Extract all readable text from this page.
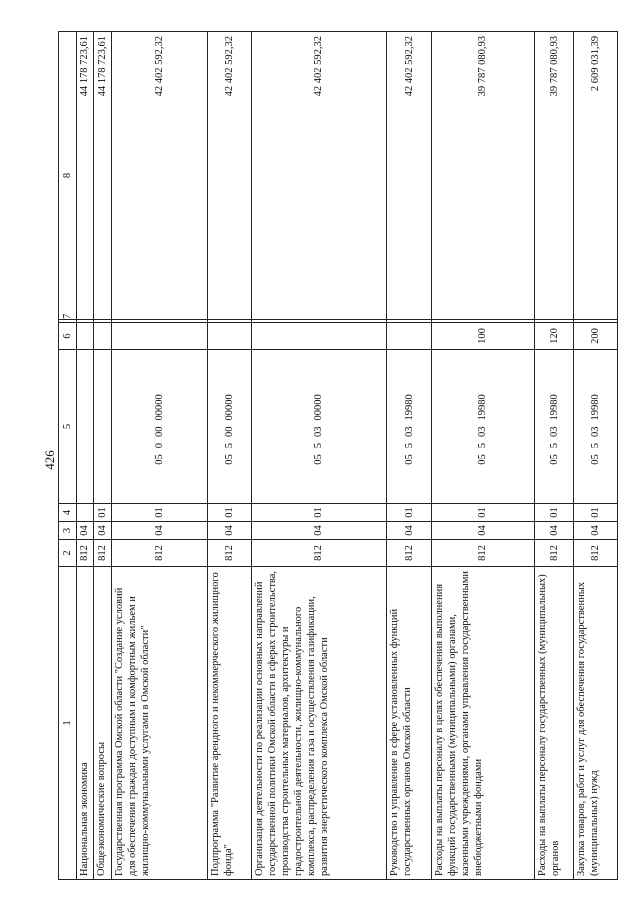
426
1	2	3	4	5	6	7	8
Национальная экономика	812	04					44 178 723,61
Общеэкономические вопросы	812	04	01				44 178 723,61
Государственная программа Омской области "Создание условий для обеспечения граждан доступным и комфортным жильем и жилищно-коммунальными услугами в Омской области"	812	04	01	0500000000			42 402 592,32
Подпрограмма "Развитие арендного и некоммерческого жилищного фонда"	812	04	01	0550000000			42 402 592,32
Организация деятельности по реализации основных направлений государственной политики Омской области в сферах строительства, производства строительных материалов, архитектуры и градостроительной деятельности, жилищно-коммунального комплекса, распределения газа и осуществления газификации, развития энергетического комплекса Омской области	812	04	01	0550300000			42 402 592,32
Руководство и управление в сфере установленных функций государственных органов Омской области	812	04	01	0550319980			42 402 592,32
Расходы на выплаты персоналу в целях обеспечения выполнения функций государственными (муниципальными) органами, казенными учреждениями, органами управления государственными внебюджетными фондами	812	04	01	0550319980	100		39 787 080,93
Расходы на выплаты персоналу государственных (муниципальных) органов	812	04	01	0550319980	120		39 787 080,93
Закупка товаров, работ и услуг для обеспечения государственных (муниципальных) нужд	812	04	01	0550319980	200		2 609 031,39
